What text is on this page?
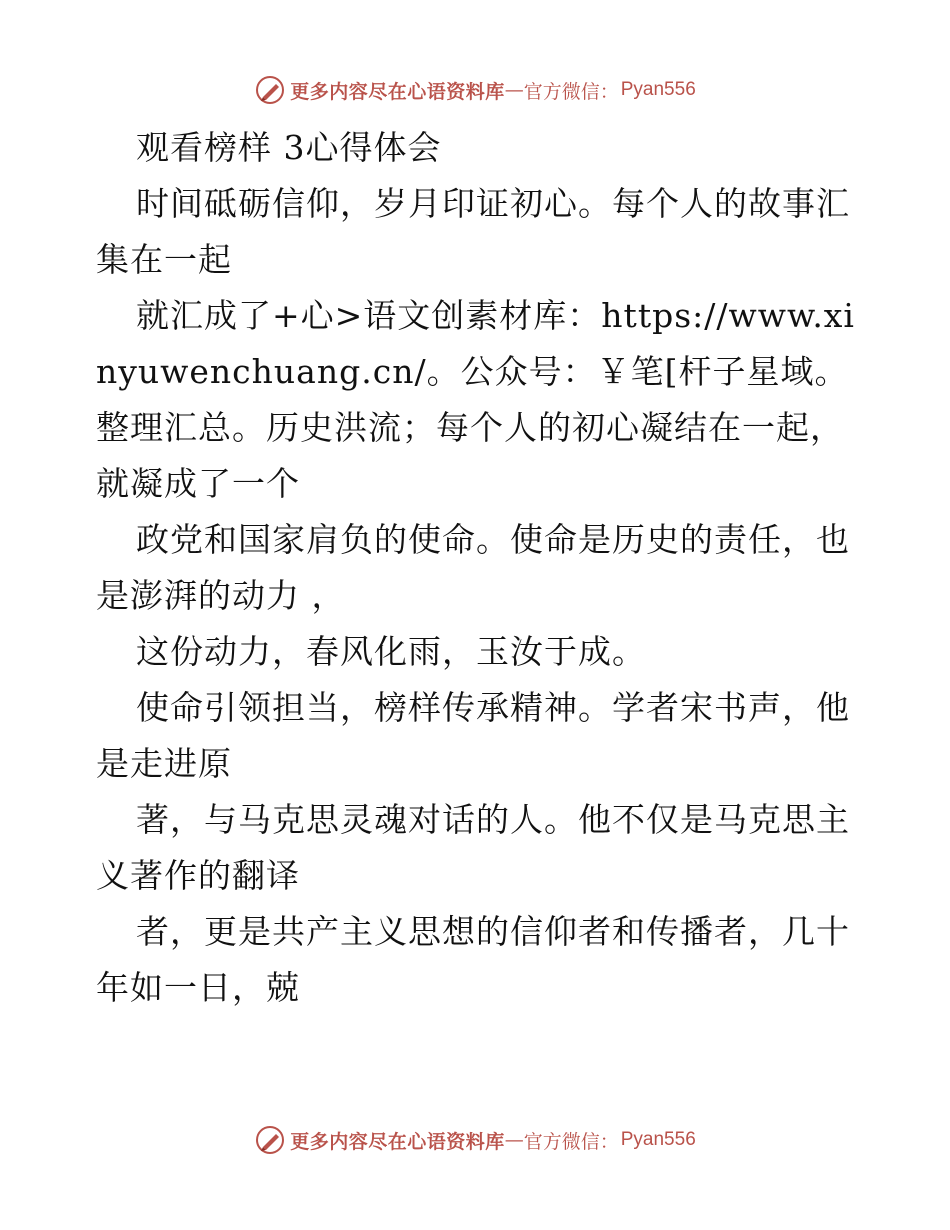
更多内容尽在心语资料库 — 官方微信： Pyan556

观看榜样 3心得体会

时间砥砺信仰，岁月印证初心。每个人的故事汇集在一起

就汇成了+心>语文创素材库：https://www.xinyuwenchuang.cn/。公众号：￥笔[杆子星域。整理汇总。历史洪流；每个人的初心凝结在一起，就凝成了一个

政党和国家肩负的使命。使命是历史的责任，也是澎湃的动力 ，

这份动力，春风化雨，玉汝于成。

使命引领担当，榜样传承精神。学者宋书声，他是走进原

著，与马克思灵魂对话的人。他不仅是马克思主义著作的翻译

者，更是共产主义思想的信仰者和传播者，几十年如一日，兢

更多内容尽在心语资料库 — 官方微信： Pyan556
